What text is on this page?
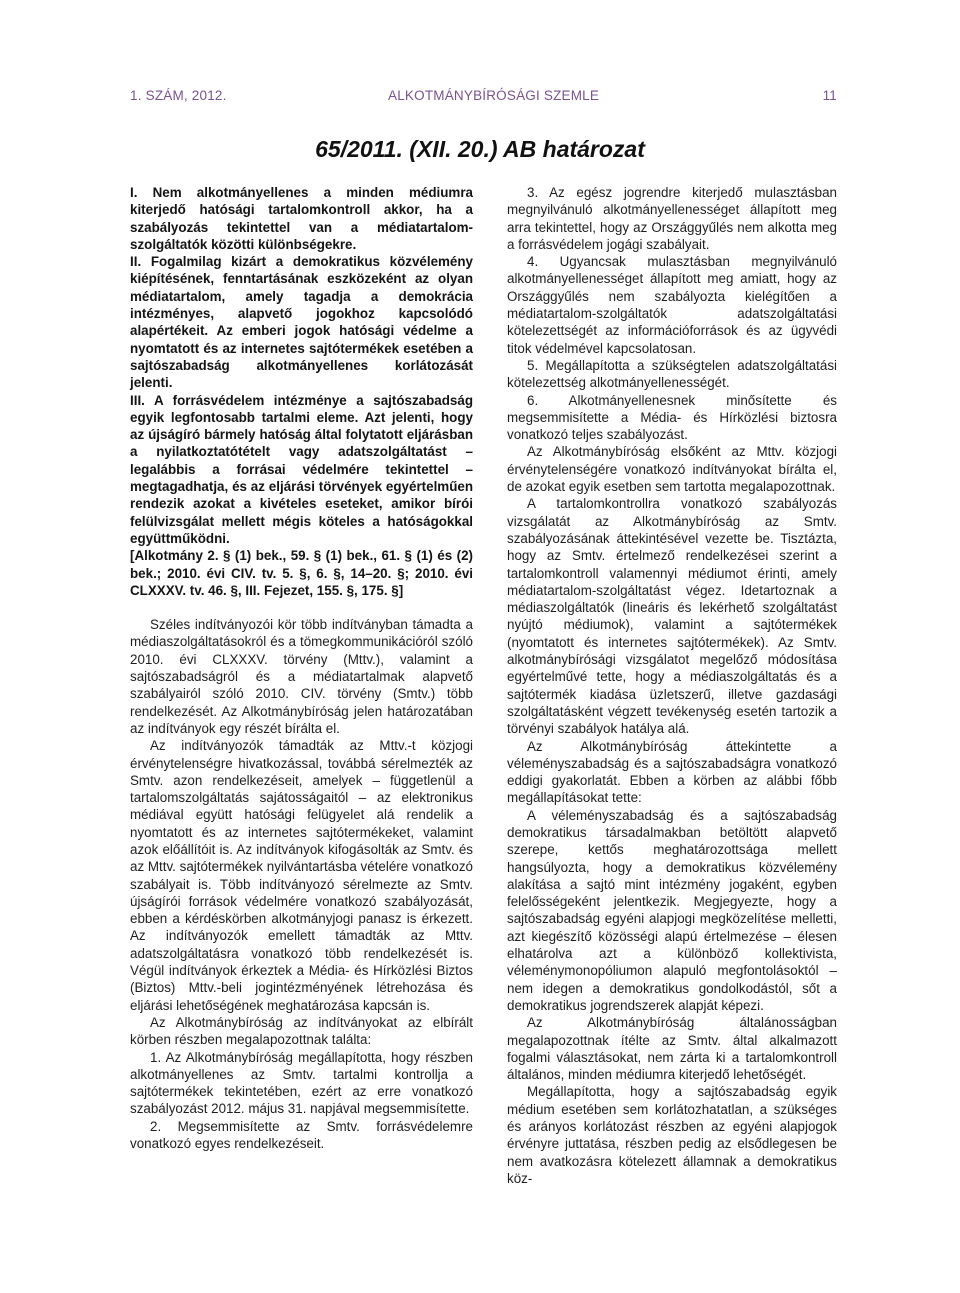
1. SZÁM, 2012.	ALKOTMÁNYBÍRÓSÁGI SZEMLE	11
65/2011. (XII. 20.) AB határozat

I. Nem alkotmányellenes a minden médiumra kiterjedő hatósági tartalomkontroll akkor, ha a szabályozás tekintettel van a médiatartalom-szolgáltatók közötti különbségekre.

II. Fogalmilag kizárt a demokratikus közvélemény kiépítésének, fenntartásának eszközeként az olyan médiatartalom, amely tagadja a demokrácia intézményes, alapvető jogokhoz kapcsolódó alapértékeit. Az emberi jogok hatósági védelme a nyomtatott és az internetes sajtótermékek esetében a sajtószabadság alkotmányellenes korlátozását jelenti.

III. A forrásvédelem intézménye a sajtószabadság egyik legfontosabb tartalmi eleme. Azt jelenti, hogy az újságíró bármely hatóság által folytatott eljárásban a nyilatkoztatótételt vagy adatszolgáltatást – legalábbis a forrásai védelmére tekintettel – megtagadhatja, és az eljárási törvények egyértelműen rendezik azokat a kivételes eseteket, amikor bírói felülvizsgálat mellett mégis köteles a hatóságokkal együttműködni.

[Alkotmány 2. § (1) bek., 59. § (1) bek., 61. § (1) és (2) bek.; 2010. évi CIV. tv. 5. §, 6. §, 14–20. §; 2010. évi CLXXXV. tv. 46. §, III. Fejezet, 155. §, 175. §]

Széles indítványozói kör több indítványban támadta a médiaszolgáltatásokról és a tömegkommunikációról szóló 2010. évi CLXXXV. törvény (Mttv.), valamint a sajtószabadságról és a médiatartalmak alapvető szabályairól szóló 2010. CIV. törvény (Smtv.) több rendelkezését. Az Alkotmánybíróság jelen határozatában az indítványok egy részét bírálta el.

Az indítványozók támadták az Mttv.-t közjogi érvénytelenségre hivatkozással, továbbá sérelmezték az Smtv. azon rendelkezéseit, amelyek – függetlenül a tartalomszolgáltatás sajátosságaitól – az elektronikus médiával együtt hatósági felügyelet alá rendelik a nyomtatott és az internetes sajtótermékeket, valamint azok előállítóit is. Az indítványok kifogásolták az Smtv. és az Mttv. sajtótermékek nyilvántartásba vételére vonatkozó szabályait is. Több indítványozó sérelmezte az Smtv. újságírói források védelmére vonatkozó szabályozását, ebben a kérdéskörben alkotmányjogi panasz is érkezett. Az indítványozók emellett támadták az Mttv. adatszolgáltatásra vonatkozó több rendelkezését is. Végül indítványok érkeztek a Média- és Hírközlési Biztos (Biztos) Mttv.-beli jogintézményének létrehozása és eljárási lehetőségének meghatározása kapcsán is.

Az Alkotmánybíróság az indítványokat az elbírált körben részben megalapozottnak találta:

1. Az Alkotmánybíróság megállapította, hogy részben alkotmányellenes az Smtv. tartalmi kontrollja a sajtótermékek tekintetében, ezért az erre vonatkozó szabályozást 2012. május 31. napjával megsemmisítette.

2. Megsemmisítette az Smtv. forrásvédelemre vonatkozó egyes rendelkezéseit.

3. Az egész jogrendre kiterjedő mulasztásban megnyilvánuló alkotmányellenességet állapított meg arra tekintettel, hogy az Országgyűlés nem alkotta meg a forrásvédelem jogági szabályait.

4. Ugyancsak mulasztásban megnyilvánuló alkotmányellenességet állapított meg amiatt, hogy az Országgyűlés nem szabályozta kielégítően a médiatartalom-szolgáltatók adatszolgáltatási kötelezettségét az információforrások és az ügyvédi titok védelmével kapcsolatosan.

5. Megállapította a szükségtelen adatszolgáltatási kötelezettség alkotmányellenességét.

6. Alkotmányellenesnek minősítette és megsemmisítette a Média- és Hírközlési biztosra vonatkozó teljes szabályozást.

Az Alkotmánybíróság elsőként az Mttv. közjogi érvénytelenségére vonatkozó indítványokat bírálta el, de azokat egyik esetben sem tartotta megalapozottnak.

A tartalomkontrollra vonatkozó szabályozás vizsgálatát az Alkotmánybíróság az Smtv. szabályozásának áttekintésével vezette be. Tisztázta, hogy az Smtv. értelmező rendelkezései szerint a tartalomkontroll valamennyi médiumot érinti, amely médiatartalom-szolgáltatást végez. Idetartoznak a médiaszolgáltatók (lineáris és lekérhető szolgáltatást nyújtó médiumok), valamint a sajtótermékek (nyomtatott és internetes sajtótermékek). Az Smtv. alkotmánybírósági vizsgálatot megelőző módosítása egyértelművé tette, hogy a médiaszolgáltatás és a sajtótermék kiadása üzletszerű, illetve gazdasági szolgáltatásként végzett tevékenység esetén tartozik a törvényi szabályok hatálya alá.

Az Alkotmánybíróság áttekintette a véleményszabadság és a sajtószabadságra vonatkozó eddigi gyakorlatát. Ebben a körben az alábbi főbb megállapításokat tette:

A véleményszabadság és a sajtószabadság demokratikus társadalmakban betöltött alapvető szerepe, kettős meghatározottsága mellett hangsúlyozta, hogy a demokratikus közvélemény alakítása a sajtó mint intézmény jogaként, egyben felelősségeként jelentkezik. Megjegyezte, hogy a sajtószabadság egyéni alapjogi megközelítése melletti, azt kiegészítő közösségi alapú értelmezése – élesen elhatárolva azt a különböző kollektivista, véleménymonopóliumon alapuló megfontolásoktól – nem idegen a demokratikus gondolkodástól, sőt a demokratikus jogrendszerek alapját képezi.

Az Alkotmánybíróság általánosságban megalapozottnak ítélte az Smtv. által alkalmazott fogalmi választásokat, nem zárta ki a tartalomkontroll általános, minden médiumra kiterjedő lehetőségét.

Megállapította, hogy a sajtószabadság egyik médium esetében sem korlátozhatatlan, a szükséges és arányos korlátozást részben az egyéni alapjogok érvényre juttatása, részben pedig az elsődlegesen be nem avatkozásra kötelezett államnak a demokratikus köz-
